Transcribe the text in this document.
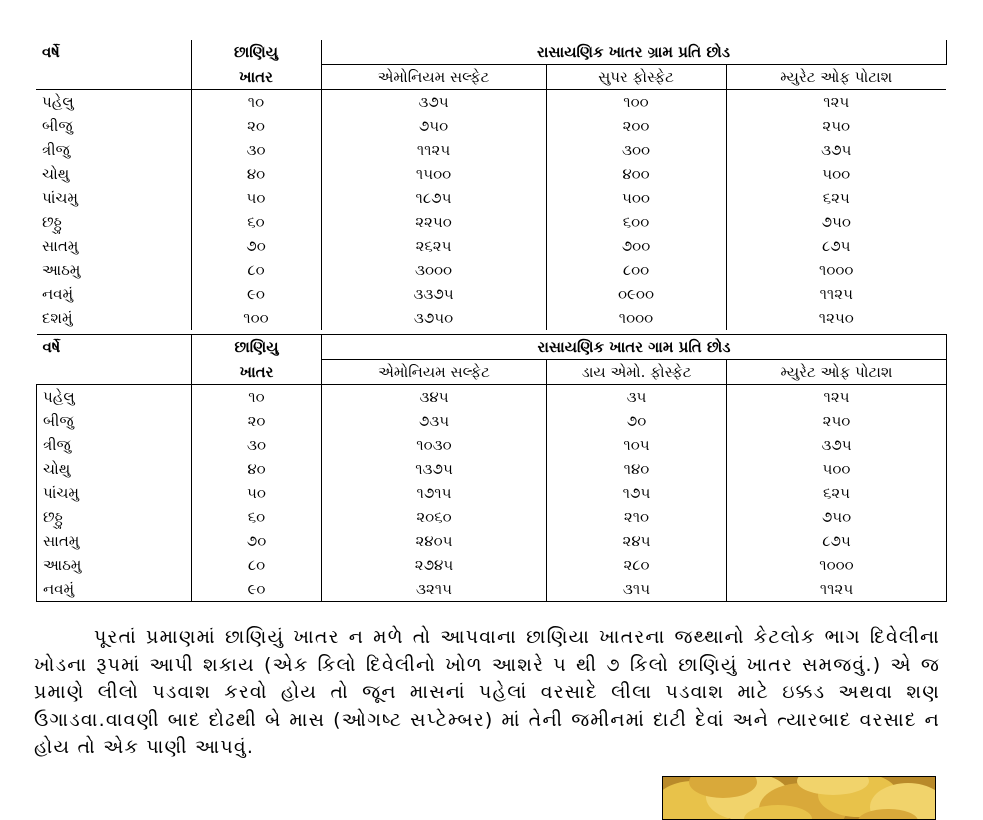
વર્ષે	છાણિયુ	રાસાયણિક ખાતર ગ્રામ પ્રતિ છોડ		
	ખાતર	એમોનિયમ સલ્ફેટ	સુપર ફોસ્ફેટ	મ્યુરેટ ઓફ પોટાશ
પહેલુ	૧૦	૩૭૫	૧૦૦	૧૨૫
બીજુ	૨૦	૭૫૦	૨૦૦	૨૫૦
ત્રીજુ	૩૦	૧૧૨૫	૩૦૦	૩૭૫
ચોથુ	૪૦	૧૫૦૦	૪૦૦	૫૦૦
પાંચમુ	૫૦	૧૮૭૫	૫૦૦	૬૨૫
છઠ્ઠુ	૬૦	૨૨૫૦	૬૦૦	૭૫૦
સાતમુ	૭૦	૨૬૨૫	૭૦૦	૮૭૫
આઠમુ	૮૦	૩૦૦૦	૮૦૦	૧૦૦૦
નવમું	૯૦	૩૩૭૫	૦૯૦૦	૧૧૨૫
દશમું	૧૦૦	૩૭૫૦	૧૦૦૦	૧૨૫૦
વર્ષે	છાણિયુ	રાસાયણિક ખાતર ગામ પ્રતિ છોડ		
	ખાતર	એમોનિયમ સલ્ફેટ	ડાય એમો. ફોસ્ફેટ	મ્યુરેટ ઓફ પોટાશ
પહેલુ	૧૦	૩૪૫	૩૫	૧૨૫
બીજુ	૨૦	૭૩૫	૭૦	૨૫૦
ત્રીજુ	૩૦	૧૦૩૦	૧૦૫	૩૭૫
ચોથુ	૪૦	૧૩૭૫	૧૪૦	૫૦૦
પાંચમુ	૫૦	૧૭૧૫	૧૭૫	૬૨૫
છઠ્ઠુ	૬૦	૨૦૬૦	૨૧૦	૭૫૦
સાતમુ	૭૦	૨૪૦૫	૨૪૫	૮૭૫
આઠમુ	૮૦	૨૭૪૫	૨૮૦	૧૦૦૦
નવમું	૯૦	૩૨૧૫	૩૧૫	૧૧૨૫

પૂરતાં પ્રમાણમાં છાણિયું ખાતર ન મળે તો આપવાના છાણિયા ખાતરના જથ્થાનો કેટલોક ભાગ દિવેલીના ખોડના રૂપમાં આપી શકાય (એક કિલો દિવેલીનો ખોળ આશરે ૫ થી ૭ કિલો છાણિયું ખાતર સમજવું.) એ જ પ્રમાણે લીલો પડવાશ કરવો હોય તો જૂન માસનાં પહેલાં વરસાદે લીલા પડવાશ માટે ઇક્કડ અથવા શણ ઉગાડવા.વાવણી બાદ દોઢથી બે માસ (ઓગષ્ટ સપ્ટેમ્બર) માં તેની જમીનમાં દાટી દેવાં અને ત્યારબાદ વરસાદ ન હોય તો એક પાણી આપવું.
